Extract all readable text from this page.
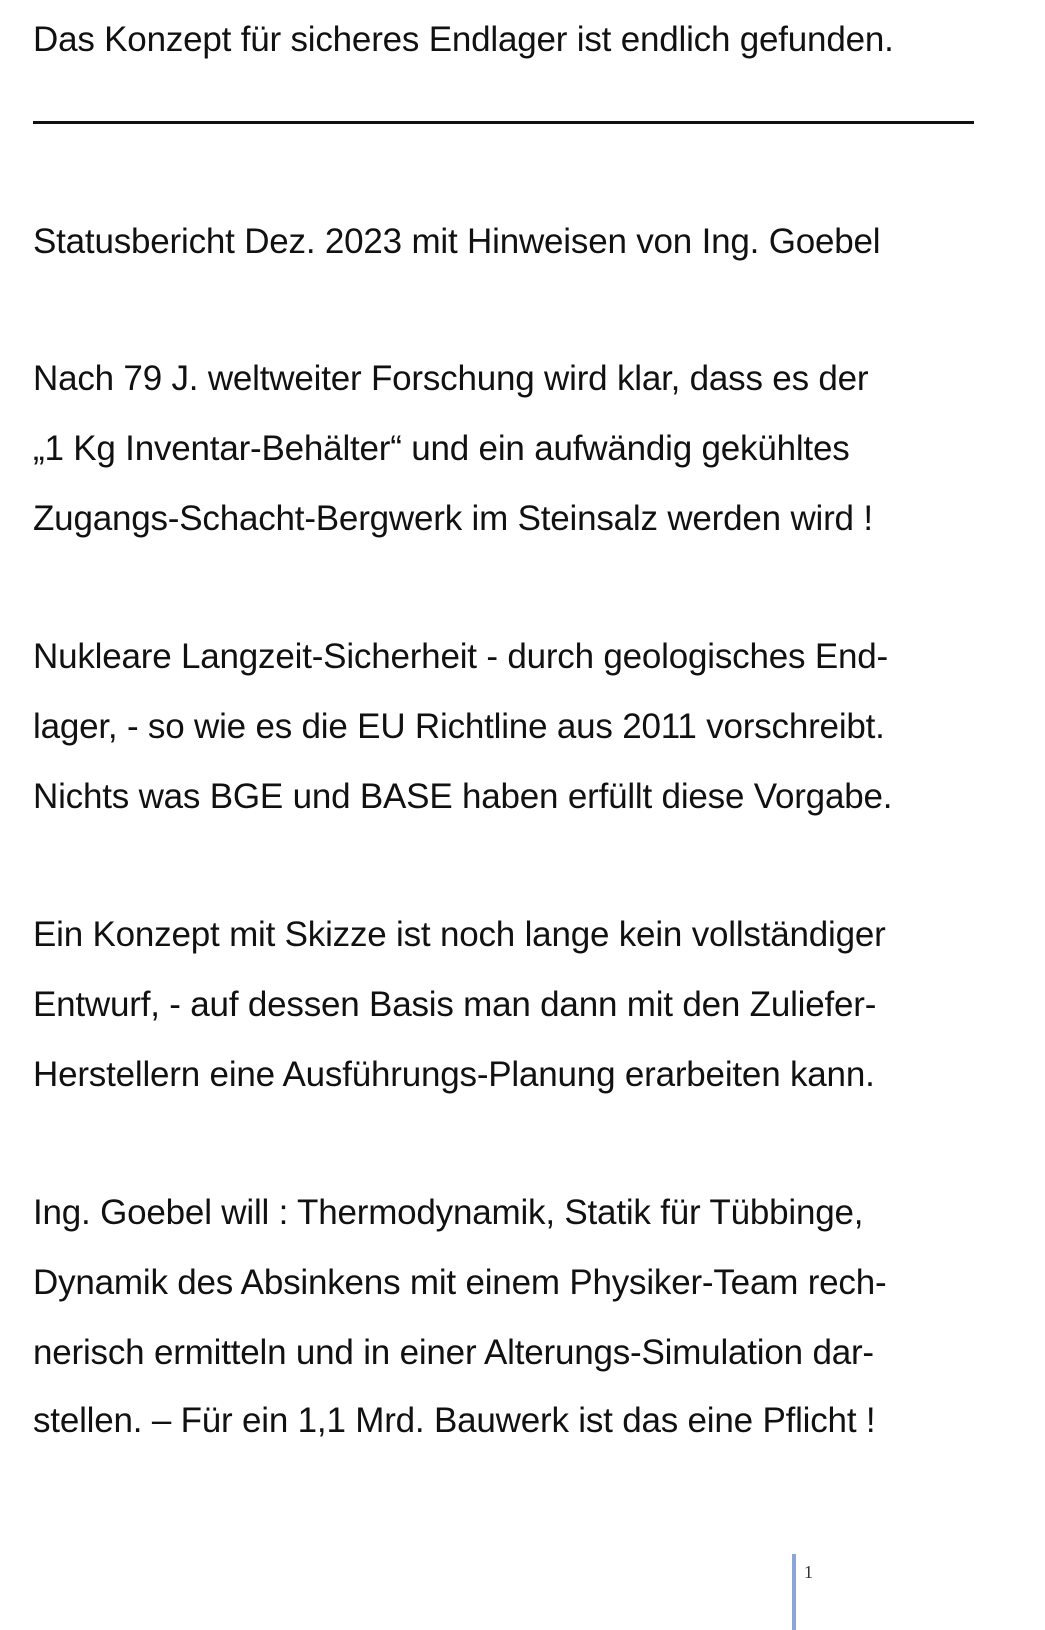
Das Konzept für sicheres Endlager ist endlich gefunden.
Statusbericht Dez. 2023 mit Hinweisen von Ing. Goebel
Nach 79 J. weltweiter Forschung wird klar, dass es der
„1 Kg Inventar-Behälter“ und ein aufwändig gekühltes
Zugangs-Schacht-Bergwerk im Steinsalz werden wird !
Nukleare Langzeit-Sicherheit - durch geologisches End-
lager, - so wie es die EU Richtline aus 2011 vorschreibt.
Nichts was BGE und BASE haben erfüllt diese Vorgabe.
Ein Konzept mit Skizze ist noch lange kein vollständiger
Entwurf, - auf dessen Basis man dann mit den Zuliefer-
Herstellern eine Ausführungs-Planung erarbeiten kann.
Ing. Goebel will : Thermodynamik, Statik für Tübbinge,
Dynamik des Absinkens mit einem Physiker-Team rech-
nerisch ermitteln und in einer Alterungs-Simulation dar-
stellen. – Für ein 1,1 Mrd. Bauwerk ist das eine Pflicht !
1
